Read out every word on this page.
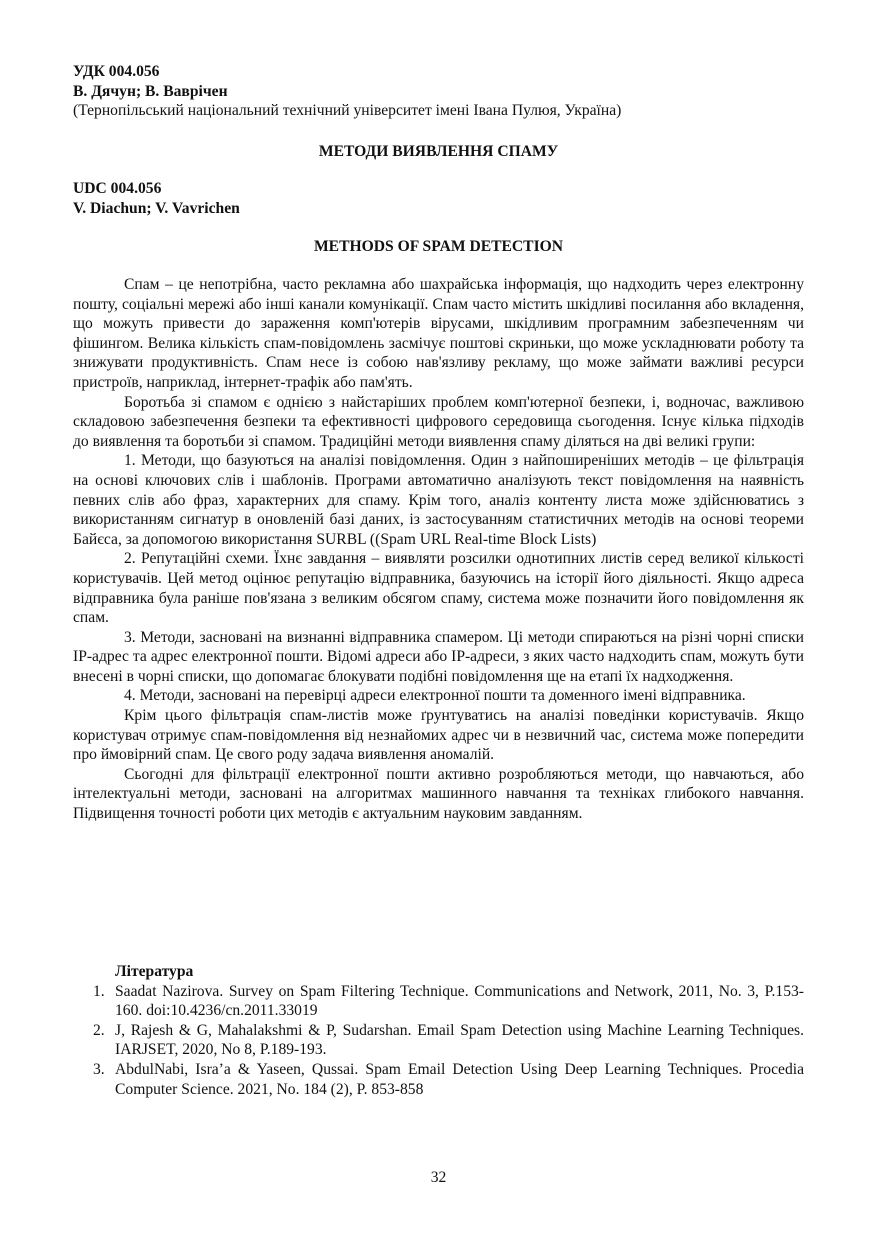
УДК 004.056
В. Дячун; В. Ваврічен
(Тернопільський національний технічний університет імені Івана Пулюя, Україна)
МЕТОДИ ВИЯВЛЕННЯ СПАМУ
UDC 004.056
V. Diachun; V. Vavrichen
METHODS OF SPAM DETECTION

Спам – це непотрібна, часто рекламна або шахрайська інформація, що надходить через електронну пошту, соціальні мережі або інші канали комунікації. Спам часто містить шкідливі посилання або вкладення, що можуть привести до зараження комп'ютерів вірусами, шкідливим програмним забезпеченням чи фішингом. Велика кількість спам-повідомлень засмічує поштові скриньки, що може ускладнювати роботу та знижувати продуктивність. Спам несе із собою нав'язливу рекламу, що може займати важливі ресурси пристроїв, наприклад, інтернет-трафік або пам'ять.

Боротьба зі спамом є однією з найстаріших проблем комп'ютерної безпеки, і, водночас, важливою складовою забезпечення безпеки та ефективності цифрового середовища сьогодення. Існує кілька підходів до виявлення та боротьби зі спамом. Традиційні методи виявлення спаму діляться на дві великі групи:

1. Методи, що базуються на аналізі повідомлення. Один з найпоширеніших методів – це фільтрація на основі ключових слів і шаблонів. Програми автоматично аналізують текст повідомлення на наявність певних слів або фраз, характерних для спаму. Крім того, аналіз контенту листа може здійснюватись з використанням сигнатур в оновленій базі даних, із застосуванням статистичних методів на основі теореми Байєса, за допомогою використання SURBL ((Spam URL Real-time Block Lists)

2. Репутаційні схеми. Їхнє завдання – виявляти розсилки однотипних листів серед великої кількості користувачів. Цей метод оцінює репутацію відправника, базуючись на історії його діяльності. Якщо адреса відправника була раніше пов'язана з великим обсягом спаму, система може позначити його повідомлення як спам.

3. Методи, засновані на визнанні відправника спамером. Ці методи спираються на різні чорні списки IP-адрес та адрес електронної пошти. Відомі адреси або IP-адреси, з яких часто надходить спам, можуть бути внесені в чорні списки, що допомагає блокувати подібні повідомлення ще на етапі їх надходження.

4. Методи, засновані на перевірці адреси електронної пошти та доменного імені відправника.

Крім цього фільтрація спам-листів може ґрунтуватись на аналізі поведінки користувачів. Якщо користувач отримує спам-повідомлення від незнайомих адрес чи в незвичний час, система може попередити про ймовірний спам. Це свого роду задача виявлення аномалій.

Сьогодні для фільтрації електронної пошти активно розробляються методи, що навчаються, або інтелектуальні методи, засновані на алгоритмах машинного навчання та техніках глибокого навчання. Підвищення точності роботи цих методів є актуальним науковим завданням.

Література
1. Saadat Nazirova. Survey on Spam Filtering Technique. Communications and Network, 2011, No. 3, P.153-160. doi:10.4236/cn.2011.33019
2. J, Rajesh & G, Mahalakshmi & P, Sudarshan. Email Spam Detection using Machine Learning Techniques. IARJSET, 2020, No 8, P.189-193.
3. AbdulNabi, Isra’a & Yaseen, Qussai. Spam Email Detection Using Deep Learning Techniques. Procedia Computer Science. 2021, No. 184 (2), P. 853-858
32
